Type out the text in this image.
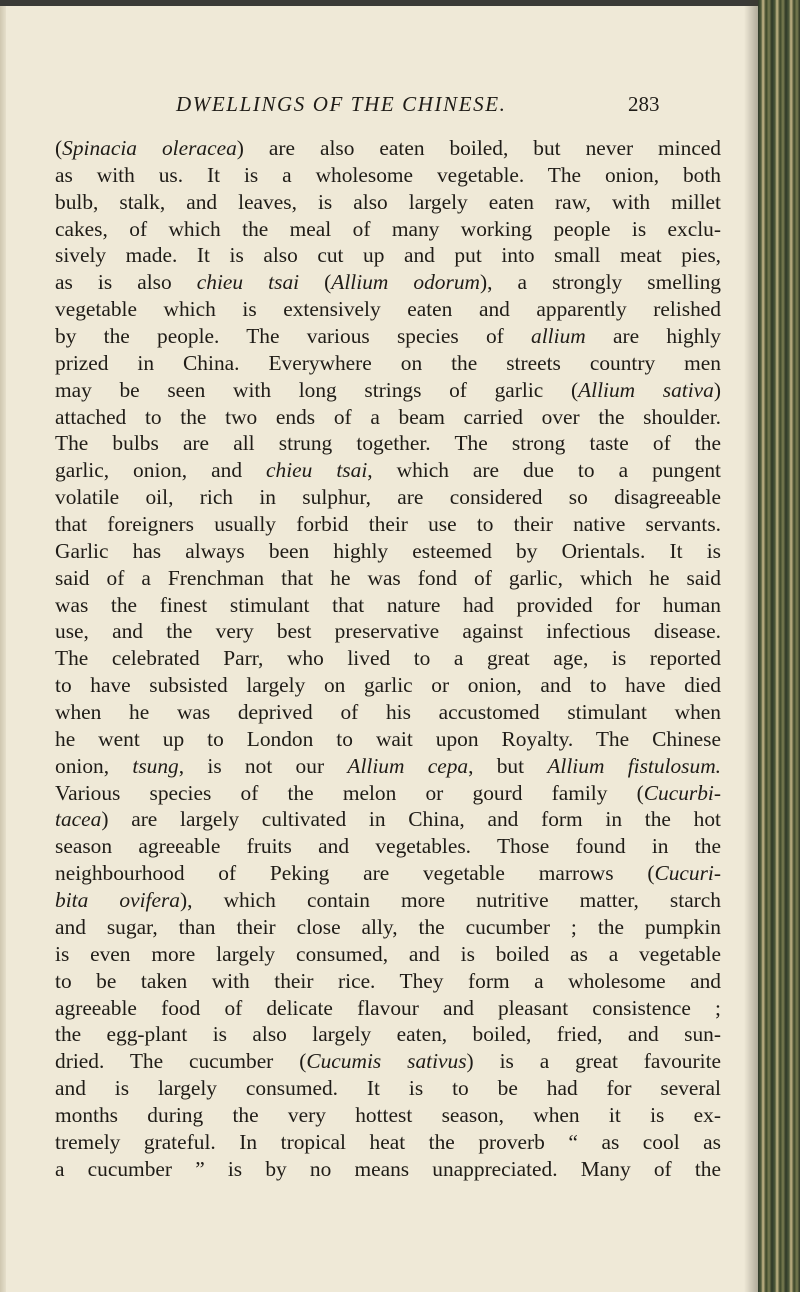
DWELLINGS OF THE CHINESE.	283
(Spinacia oleracea) are also eaten boiled, but never minced
as with us. It is a wholesome vegetable. The onion, both
bulb, stalk, and leaves, is also largely eaten raw, with millet
cakes, of which the meal of many working people is exclu-
sively made. It is also cut up and put into small meat pies,
as is also chieu tsai (Allium odorum), a strongly smelling
vegetable which is extensively eaten and apparently relished
by the people. The various species of allium are highly
prized in China. Everywhere on the streets country men
may be seen with long strings of garlic (Allium sativa)
attached to the two ends of a beam carried over the shoulder.
The bulbs are all strung together. The strong taste of the
garlic, onion, and chieu tsai, which are due to a pungent
volatile oil, rich in sulphur, are considered so disagreeable
that foreigners usually forbid their use to their native servants.
Garlic has always been highly esteemed by Orientals. It is
said of a Frenchman that he was fond of garlic, which he said
was the finest stimulant that nature had provided for human
use, and the very best preservative against infectious disease.
The celebrated Parr, who lived to a great age, is reported
to have subsisted largely on garlic or onion, and to have died
when he was deprived of his accustomed stimulant when
he went up to London to wait upon Royalty. The Chinese
onion, tsung, is not our Allium cepa, but Allium fistulosum.
Various species of the melon or gourd family (Cucurbi-
tacea) are largely cultivated in China, and form in the hot
season agreeable fruits and vegetables. Those found in the
neighbourhood of Peking are vegetable marrows (Cucuri-
bita ovifera), which contain more nutritive matter, starch
and sugar, than their close ally, the cucumber ; the pumpkin
is even more largely consumed, and is boiled as a vegetable
to be taken with their rice. They form a wholesome and
agreeable food of delicate flavour and pleasant consistence ;
the egg-plant is also largely eaten, boiled, fried, and sun-
dried. The cucumber (Cucumis sativus) is a great favourite
and is largely consumed. It is to be had for several
months during the very hottest season, when it is ex-
tremely grateful. In tropical heat the proverb “ as cool as
a cucumber ” is by no means unappreciated. Many of the
